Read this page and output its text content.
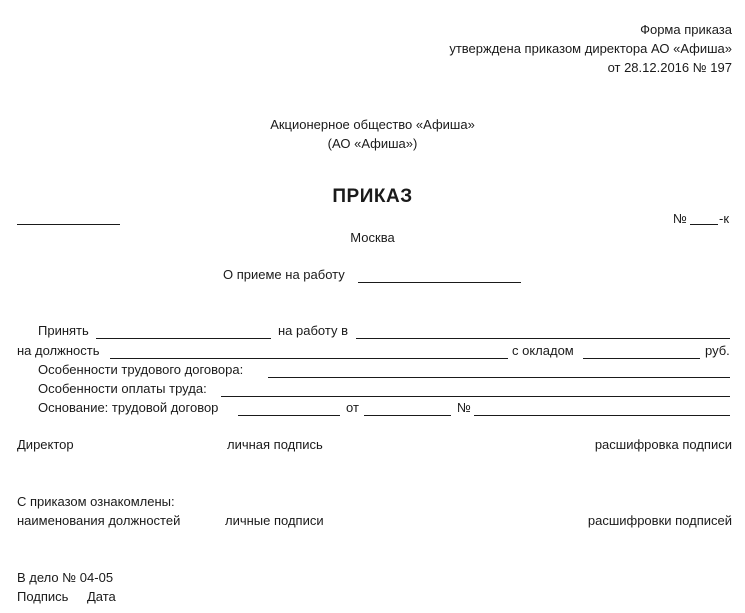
Форма приказа
утверждена приказом директора АО «Афиша»
от 28.12.2016 № 197
Акционерное общество «Афиша»
(АО «Афиша»)
ПРИКАЗ
№ -к
Москва
О приеме на работу
Принять	на работу в
на должность	с окладом	руб.
Особенности трудового договора:
Особенности оплаты труда:
Основание: трудовой договор	от	№
Директор	личная подпись	расшифровка подписи
С приказом ознакомлены:
наименования должностей	личные подписи	расшифровки подписей
В дело № 04-05
Подпись Дата
